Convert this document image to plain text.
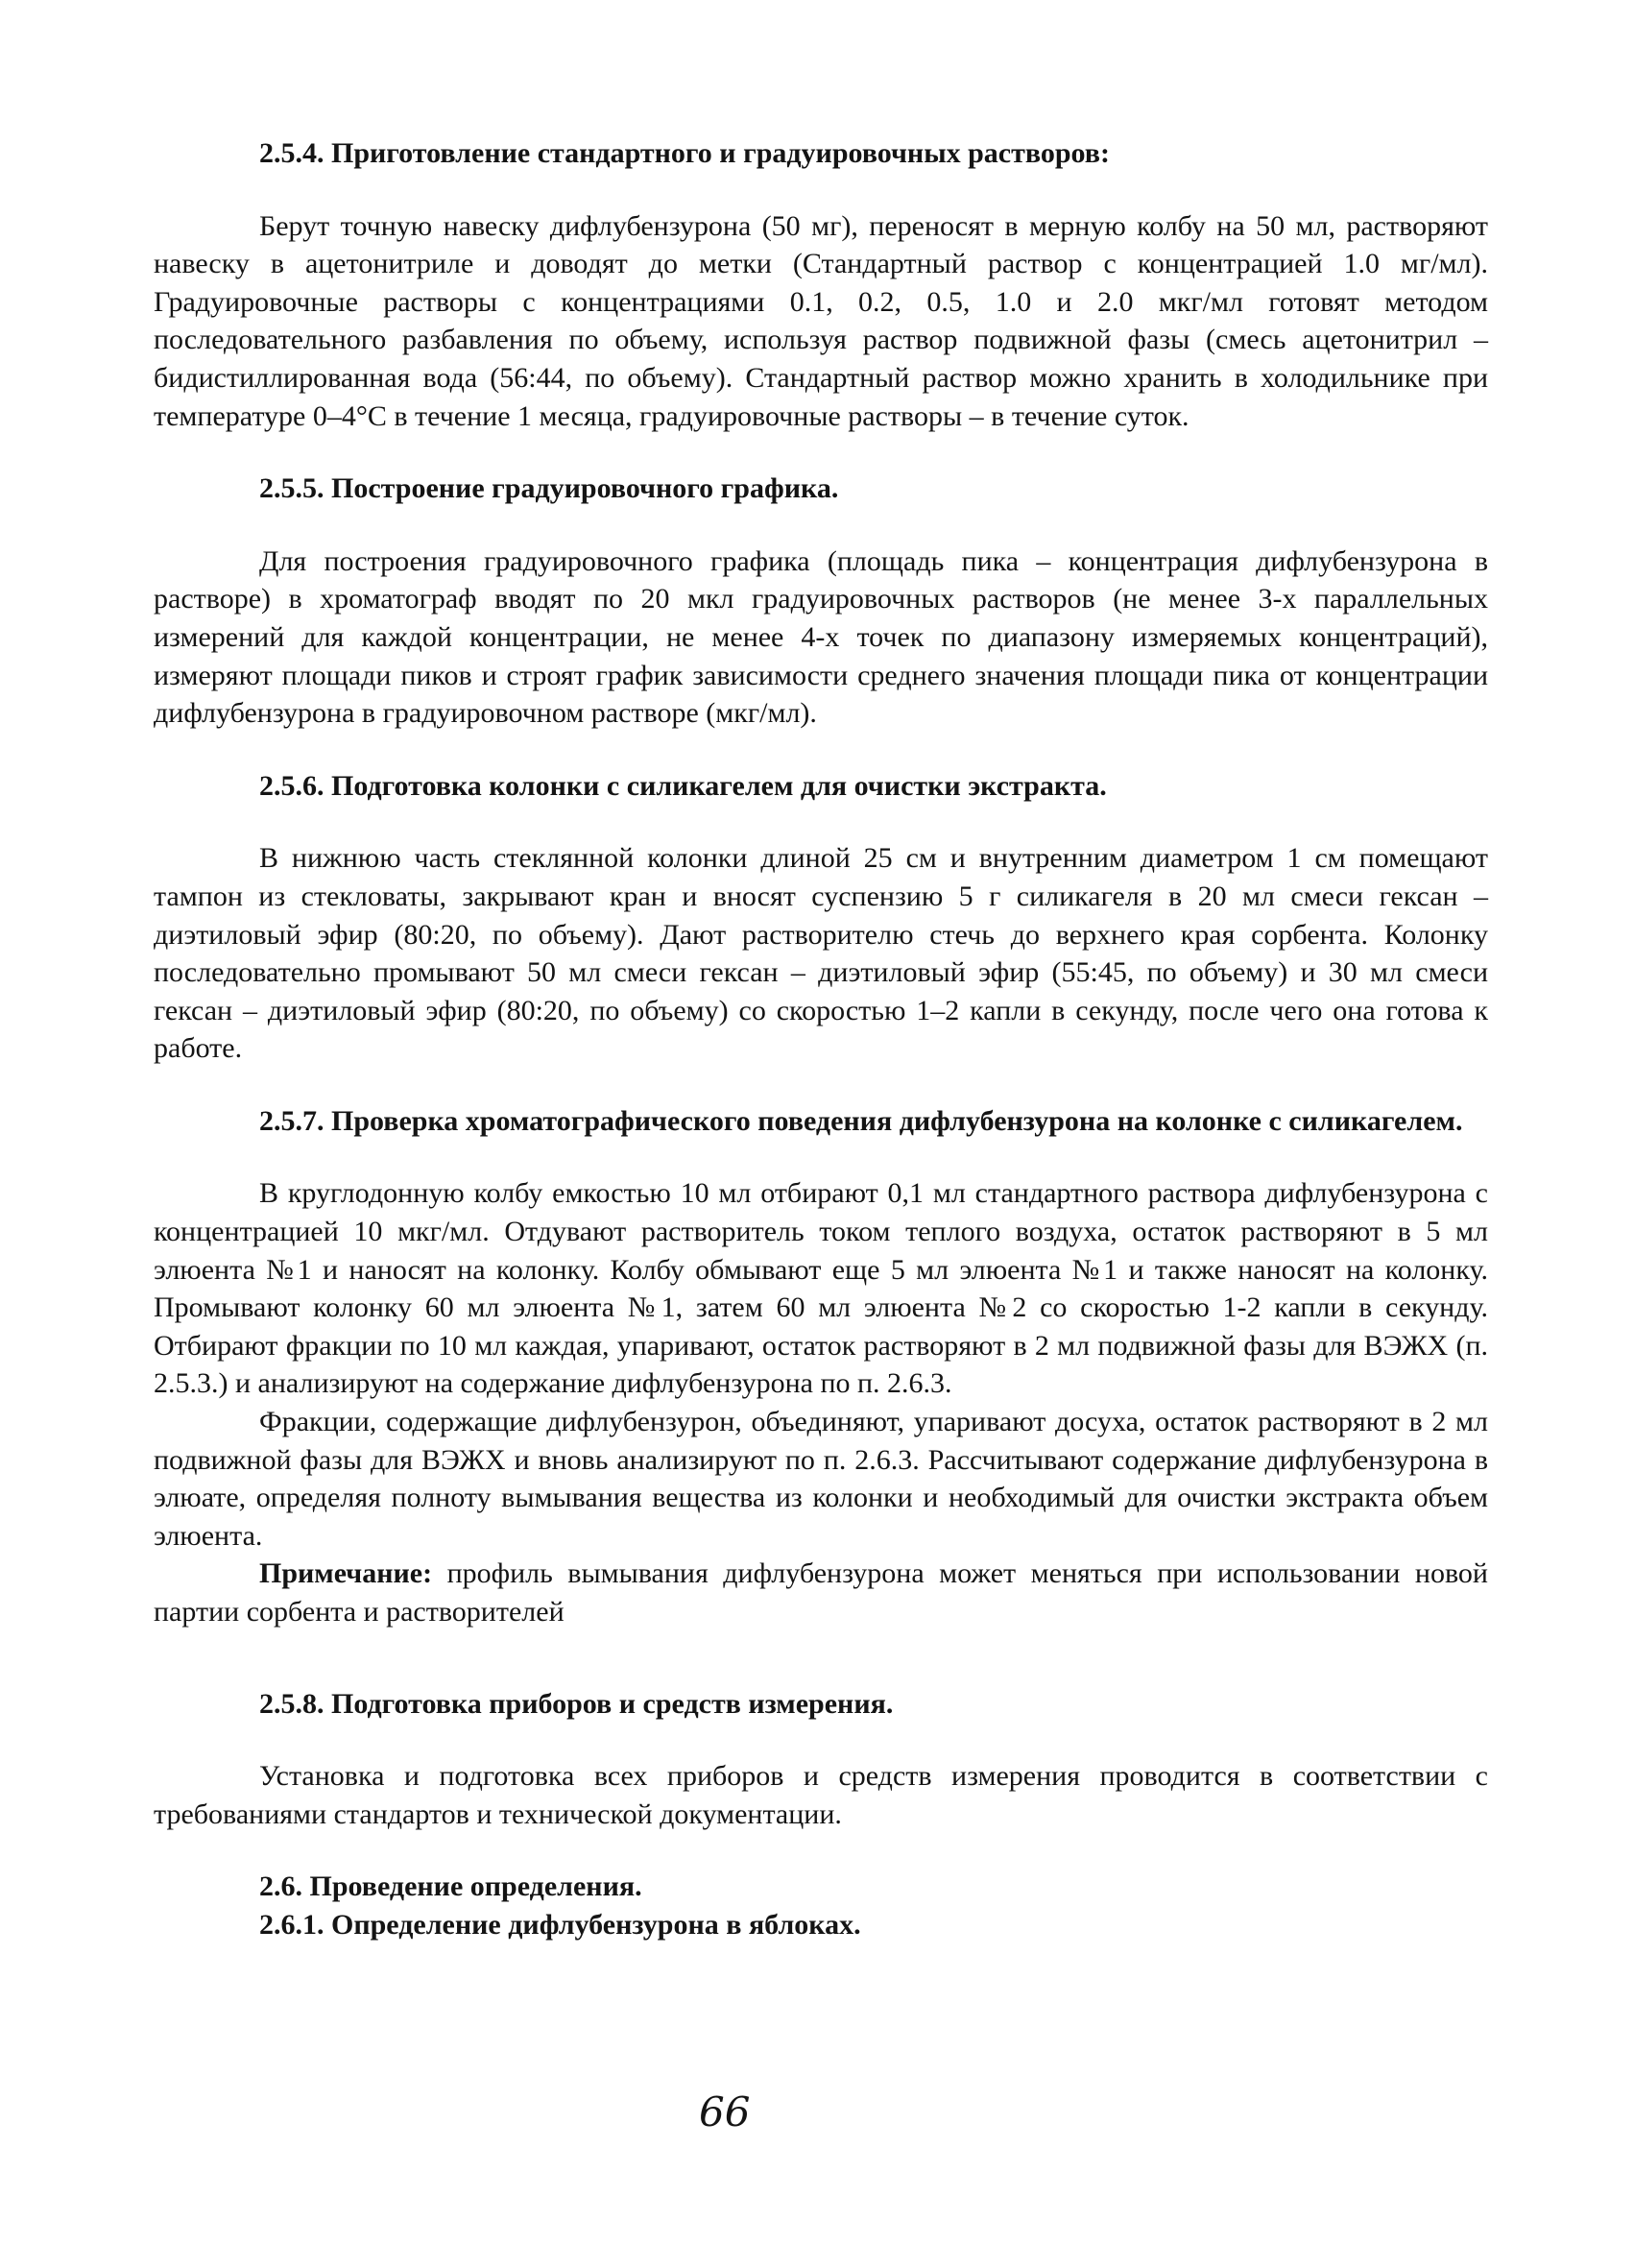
2.5.4. Приготовление стандартного и градуировочных растворов:

Берут точную навеску дифлубензурона (50 мг), переносят в мерную колбу на 50 мл, растворяют навеску в ацетонитриле и доводят до метки (Стандартный раствор с концентрацией 1.0 мг/мл). Градуировочные растворы с концентрациями 0.1, 0.2, 0.5, 1.0 и 2.0 мкг/мл готовят методом последовательного разбавления по объему, используя раствор подвижной фазы (смесь ацетонитрил – бидистиллированная вода (56:44, по объему). Стандартный раствор можно хранить в холодильнике при температуре 0–4°С в течение 1 месяца, градуировочные растворы – в течение суток.

2.5.5. Построение градуировочного графика.

Для построения градуировочного графика (площадь пика – концентрация дифлубензурона в растворе) в хроматограф вводят по 20 мкл градуировочных растворов (не менее 3-х параллельных измерений для каждой концентрации, не менее 4-х точек по диапазону измеряемых концентраций), измеряют площади пиков и строят график зависимости среднего значения площади пика от концентрации дифлубензурона в градуировочном растворе (мкг/мл).

2.5.6. Подготовка колонки с силикагелем для очистки экстракта.

В нижнюю часть стеклянной колонки длиной 25 см и внутренним диаметром 1 см помещают тампон из стекловаты, закрывают кран и вносят суспензию 5 г силикагеля в 20 мл смеси гексан – диэтиловый эфир (80:20, по объему). Дают растворителю стечь до верхнего края сорбента. Колонку последовательно промывают 50 мл смеси гексан – диэтиловый эфир (55:45, по объему) и 30 мл смеси гексан – диэтиловый эфир (80:20, по объему) со скоростью 1–2 капли в секунду, после чего она готова к работе.

2.5.7. Проверка хроматографического поведения дифлубензурона на колонке с силикагелем.

В круглодонную колбу емкостью 10 мл отбирают 0,1 мл стандартного раствора дифлубензурона с концентрацией 10 мкг/мл. Отдувают растворитель током теплого воздуха, остаток растворяют в 5 мл элюента №1 и наносят на колонку. Колбу обмывают еще 5 мл элюента №1 и также наносят на колонку. Промывают колонку 60 мл элюента №1, затем 60 мл элюента №2 со скоростью 1-2 капли в секунду. Отбирают фракции по 10 мл каждая, упаривают, остаток растворяют в 2 мл подвижной фазы для ВЭЖХ (п. 2.5.3.) и анализируют на содержание дифлубензурона по п. 2.6.3.

Фракции, содержащие дифлубензурон, объединяют, упаривают досуха, остаток растворяют в 2 мл подвижной фазы для ВЭЖХ и вновь анализируют по п. 2.6.3. Рассчитывают содержание дифлубензурона в элюате, определяя полноту вымывания вещества из колонки и необходимый для очистки экстракта объем элюента.

Примечание: профиль вымывания дифлубензурона может меняться при использовании новой партии сорбента и растворителей

2.5.8. Подготовка приборов и средств измерения.

Установка и подготовка всех приборов и средств измерения проводится в соответствии с требованиями стандартов и технической документации.

2.6. Проведение определения.
2.6.1. Определение дифлубензурона в яблоках.
66
